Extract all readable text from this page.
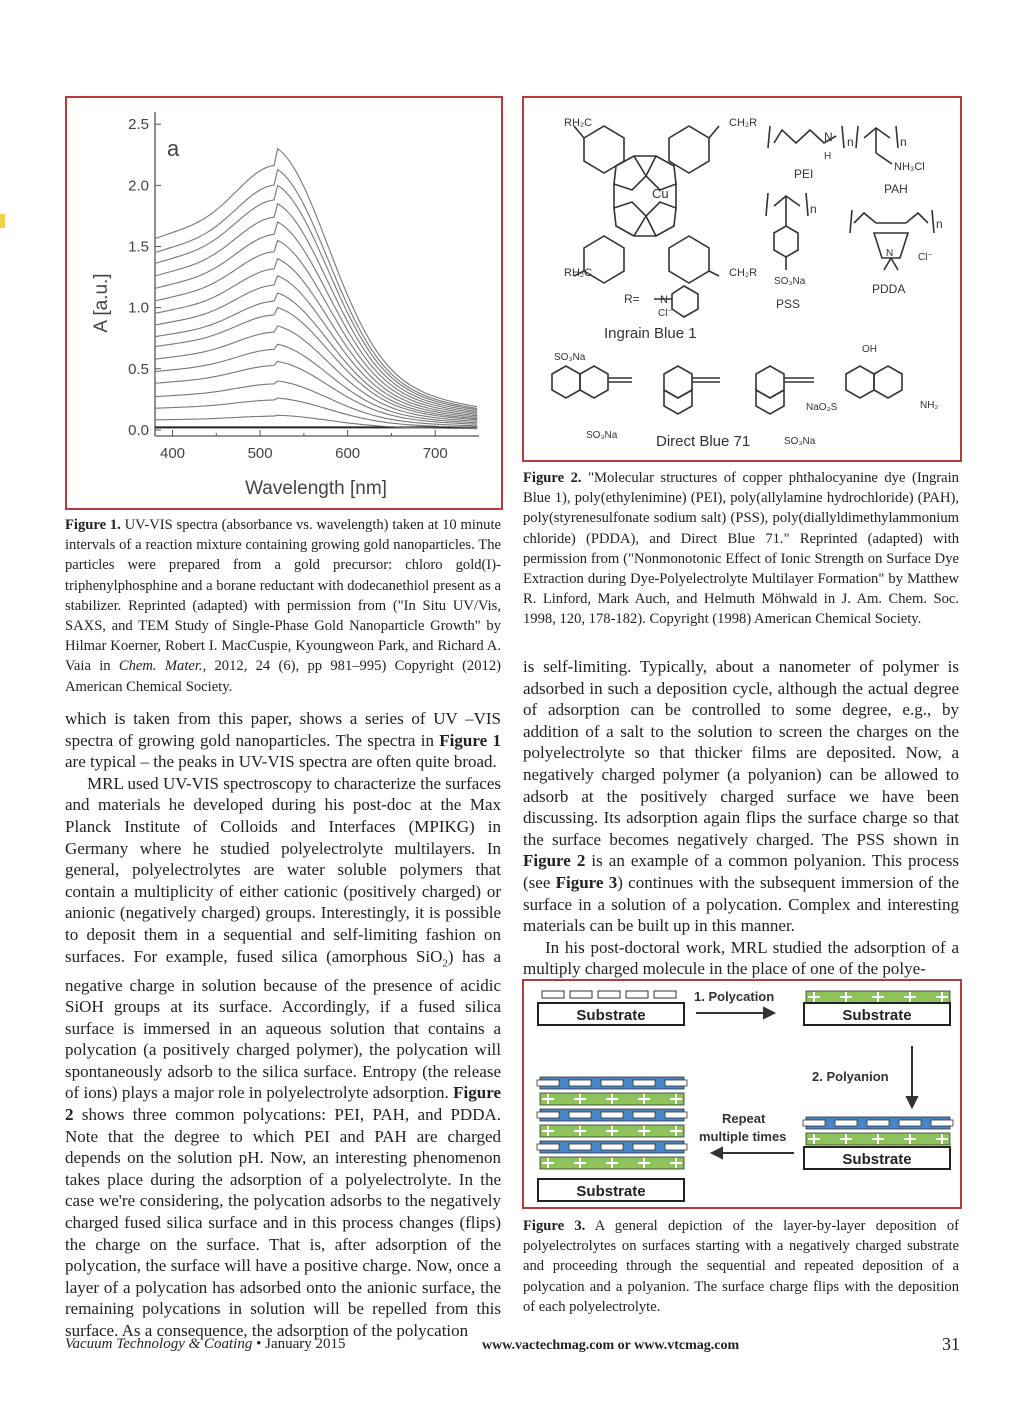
400	500	600	700
0.0
0.5
1.0
1.5
2.0
2.5
a
Wavelength [nm]
A [a.u.]
Figure 1. UV-VIS spectra (absorbance vs. wavelength) taken at 10 minute intervals of a reaction mixture containing growing gold nanoparticles. The particles were prepared from a gold precursor: chloro gold(I)-triphenylphosphine and a borane reductant with dodecanethiol present as a stabilizer. Reprinted (adapted) with permission from ("In Situ UV/Vis, SAXS, and TEM Study of Single-Phase Gold Nanoparticle Growth" by Hilmar Koerner, Robert I. MacCuspie, Kyoungweon Park, and Richard A. Vaia in Chem. Mater., 2012, 24 (6), pp 981–995) Copyright (2012) American Chemical Society.
RH₂C	CH₂R
RH₂C	CH₂R
Cu
R= N
Cl⁻
Ingrain Blue 1
N
H
n
PEI
n
NH₃Cl
PAH
n
SO₃Na
PSS
N
n
Cl⁻
PDDA
SO₃Na
SO₃Na
SO₃Na
NaO₃S
OH
NH₂
Direct Blue 71
Figure 2. "Molecular structures of copper phthalocyanine dye (Ingrain Blue 1), poly(ethylenimine) (PEI), poly(allylamine hydrochloride) (PAH), poly(styrenesulfonate sodium salt) (PSS), poly(diallyldimethylammonium chloride) (PDDA), and Direct Blue 71." Reprinted (adapted) with permission from ("Nonmonotonic Effect of Ionic Strength on Surface Dye Extraction during Dye-Polyelectrolyte Multilayer Formation" by Matthew R. Linford, Mark Auch, and Helmuth Möhwald in J. Am. Chem. Soc. 1998, 120, 178-182). Copyright (1998) American Chemical Society.
Substrate	Substrate
Substrate
Substrate
1. Polycation
2. Polyanion
Repeat
multiple times
Figure 3. A general depiction of the layer-by-layer deposition of polyelectrolytes on surfaces starting with a negatively charged substrate and proceeding through the sequential and repeated deposition of a polycation and a polyanion. The surface charge flips with the deposition of each polyelectrolyte.

which is taken from this paper, shows a series of UV –VIS spectra of growing gold nanoparticles. The spectra in Figure 1 are typical – the peaks in UV-VIS spectra are often quite broad.

MRL used UV-VIS spectroscopy to characterize the surfaces and materials he developed during his post-doc at the Max Planck Institute of Colloids and Interfaces (MPIKG) in Germany where he studied polyelectrolyte multilayers. In general, polyelectrolytes are water soluble polymers that contain a multiplicity of either cationic (positively charged) or anionic (negatively charged) groups. Interestingly, it is possible to deposit them in a sequential and self-limiting fashion on surfaces. For example, fused silica (amorphous SiO$_2$) has a negative charge in solution because of the presence of acidic SiOH groups at its surface. Accordingly, if a fused silica surface is immersed in an aqueous solution that contains a polycation (a positively charged polymer), the polycation will spontaneously adsorb to the silica surface. Entropy (the release of ions) plays a major role in polyelectrolyte adsorption. Figure 2 shows three common polycations: PEI, PAH, and PDDA. Note that the degree to which PEI and PAH are charged depends on the solution pH. Now, an interesting phenomenon takes place during the adsorption of a polyelectrolyte. In the case we're considering, the polycation adsorbs to the negatively charged fused silica surface and in this process changes (flips) the charge on the surface. That is, after adsorption of the polycation, the surface will have a positive charge. Now, once a layer of a polycation has adsorbed onto the anionic surface, the remaining polycations in solution will be repelled from this surface. As a consequence, the adsorption of the polycation

is self-limiting. Typically, about a nanometer of polymer is adsorbed in such a deposition cycle, although the actual degree of adsorption can be controlled to some degree, e.g., by addition of a salt to the solution to screen the charges on the polyelectrolyte so that thicker films are deposited. Now, a negatively charged polymer (a polyanion) can be allowed to adsorb at the positively charged surface we have been discussing. Its adsorption again flips the surface charge so that the surface becomes negatively charged. The PSS shown in Figure 2 is an example of a common polyanion. This process (see Figure 3) continues with the subsequent immersion of the surface in a solution of a polycation. Complex and interesting materials can be built up in this manner.

In his post-doctoral work, MRL studied the adsorption of a multiply charged molecule in the place of one of the polye-

Vacuum Technology & Coating • January 2015	www.vactechmag.com or www.vtcmag.com	31
